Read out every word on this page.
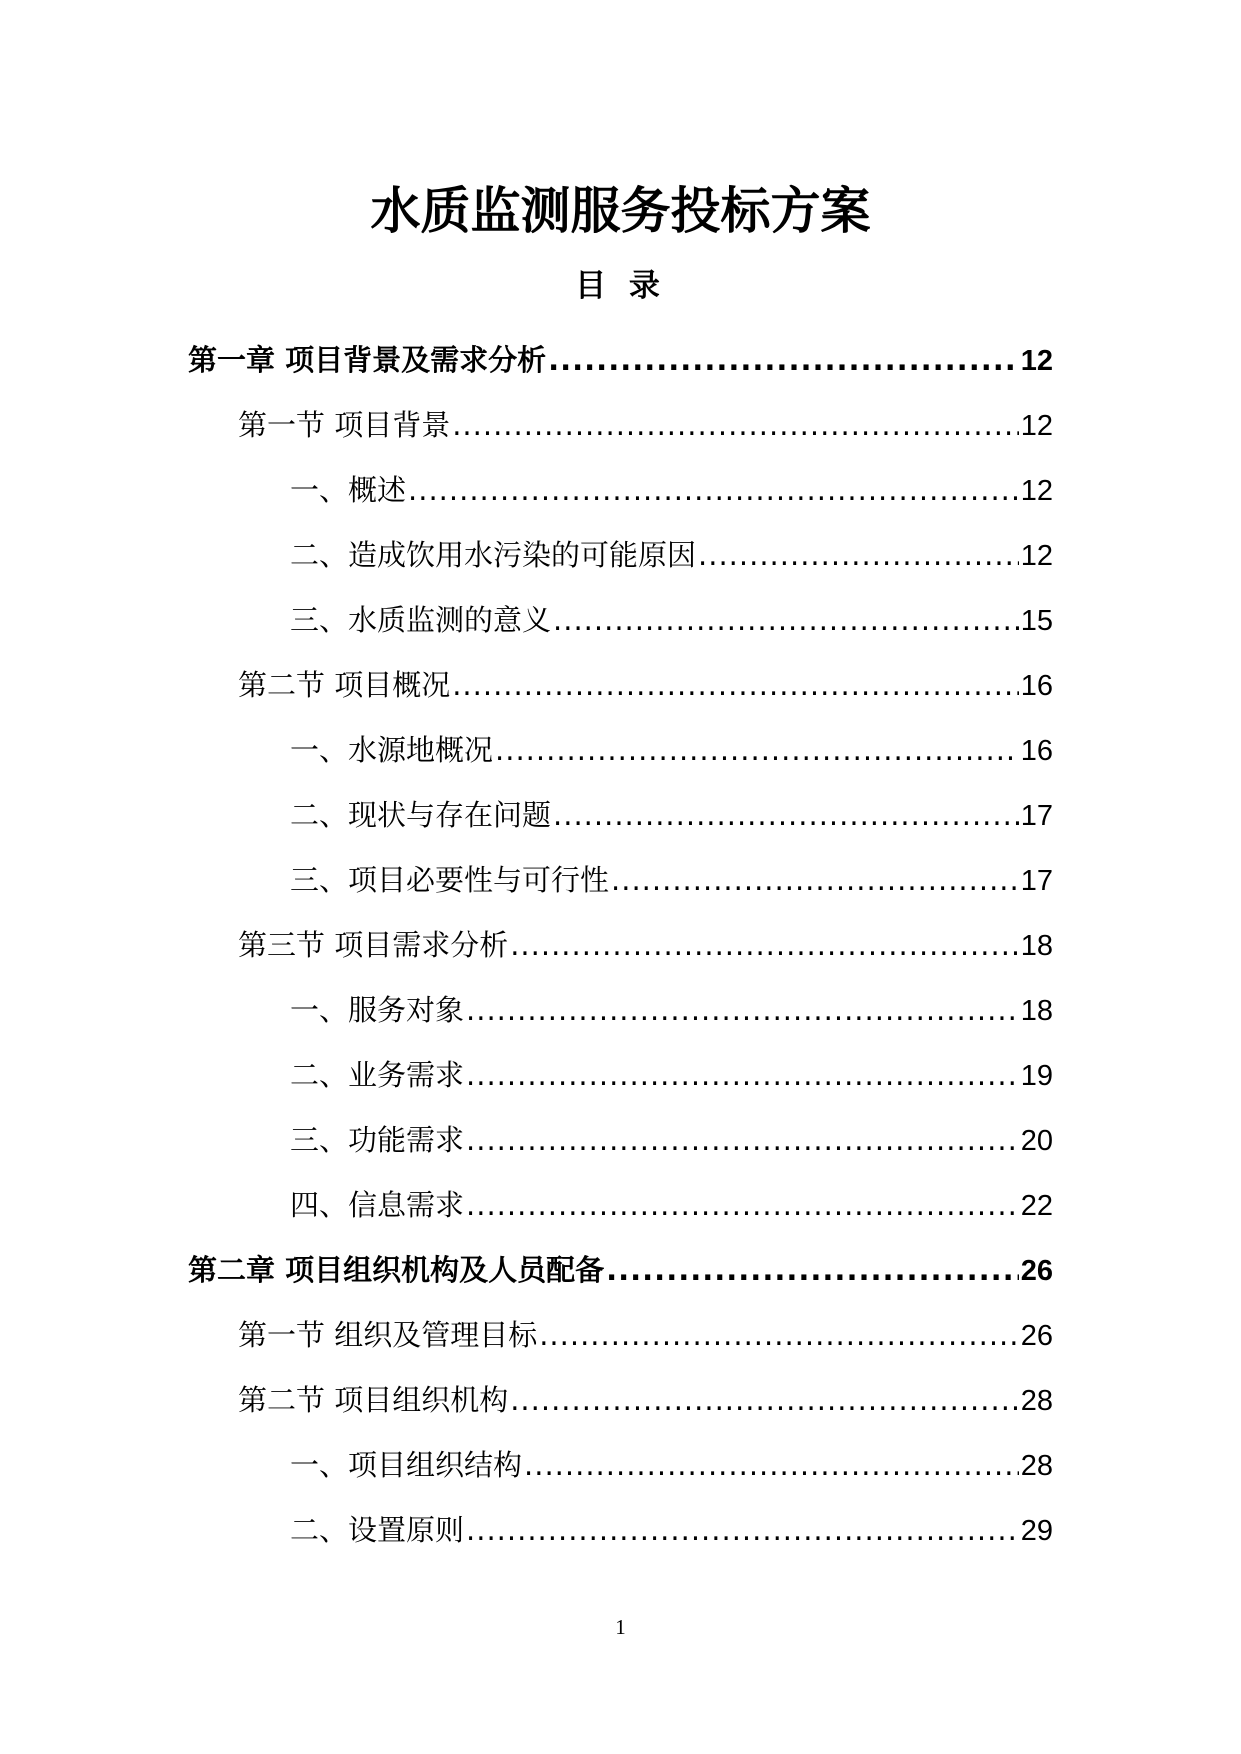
水质监测服务投标方案
目 录
第一章 项目背景及需求分析 .....	12
第一节 项目背景 .....	12
一、概述 .....	12
二、造成饮用水污染的可能原因 .....	12
三、水质监测的意义 .....	15
第二节 项目概况 .....	16
一、水源地概况 .....	16
二、现状与存在问题 .....	17
三、项目必要性与可行性 .....	17
第三节 项目需求分析 .....	18
一、服务对象 .....	18
二、业务需求 .....	19
三、功能需求 .....	20
四、信息需求 .....	22
第二章 项目组织机构及人员配备 .....	26
第一节 组织及管理目标 .....	26
第二节 项目组织机构 .....	28
一、项目组织结构 .....	28
二、设置原则 .....	29
1
